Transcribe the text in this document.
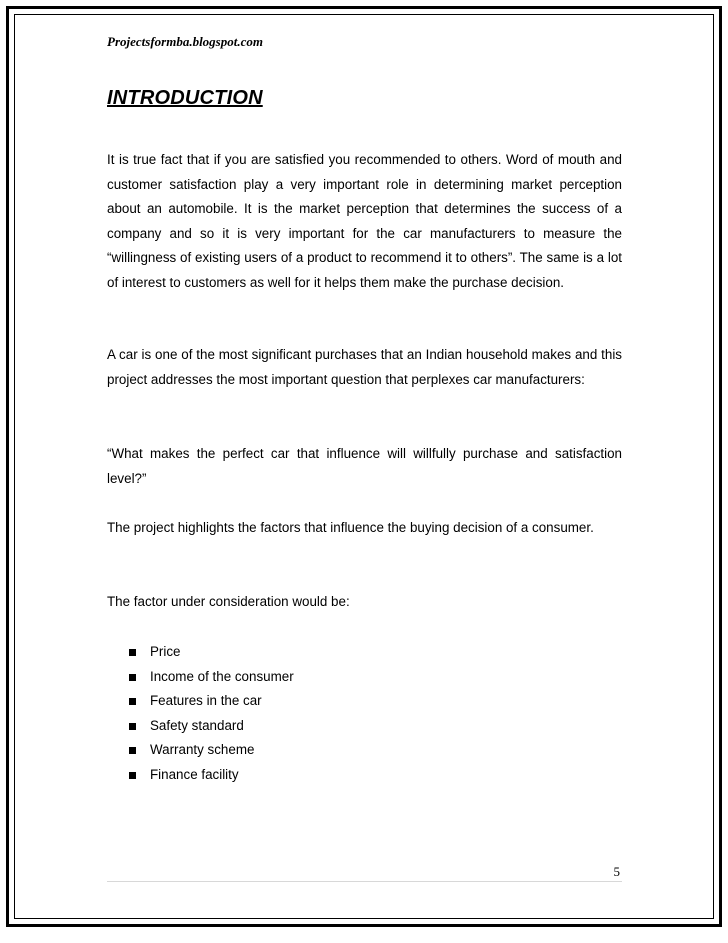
Projectsformba.blogspot.com
INTRODUCTION

It is true fact that if you are satisfied you recommended to others. Word of mouth and customer satisfaction play a very important role in determining market perception about an automobile. It is the market perception that determines the success of a company and so it is very important for the car manufacturers to measure the “willingness of existing users of a product to recommend it to others”. The same is a lot of interest to customers as well for it helps them make the purchase decision.

A car is one of the most significant purchases that an Indian household makes and this project addresses the most important question that perplexes car manufacturers:

“What makes the perfect car that influence will willfully purchase and satisfaction level?”

The project highlights the factors that influence the buying decision of a consumer.

The factor under consideration would be:

Price
Income of the consumer
Features in the car
Safety standard
Warranty scheme
Finance facility
5
